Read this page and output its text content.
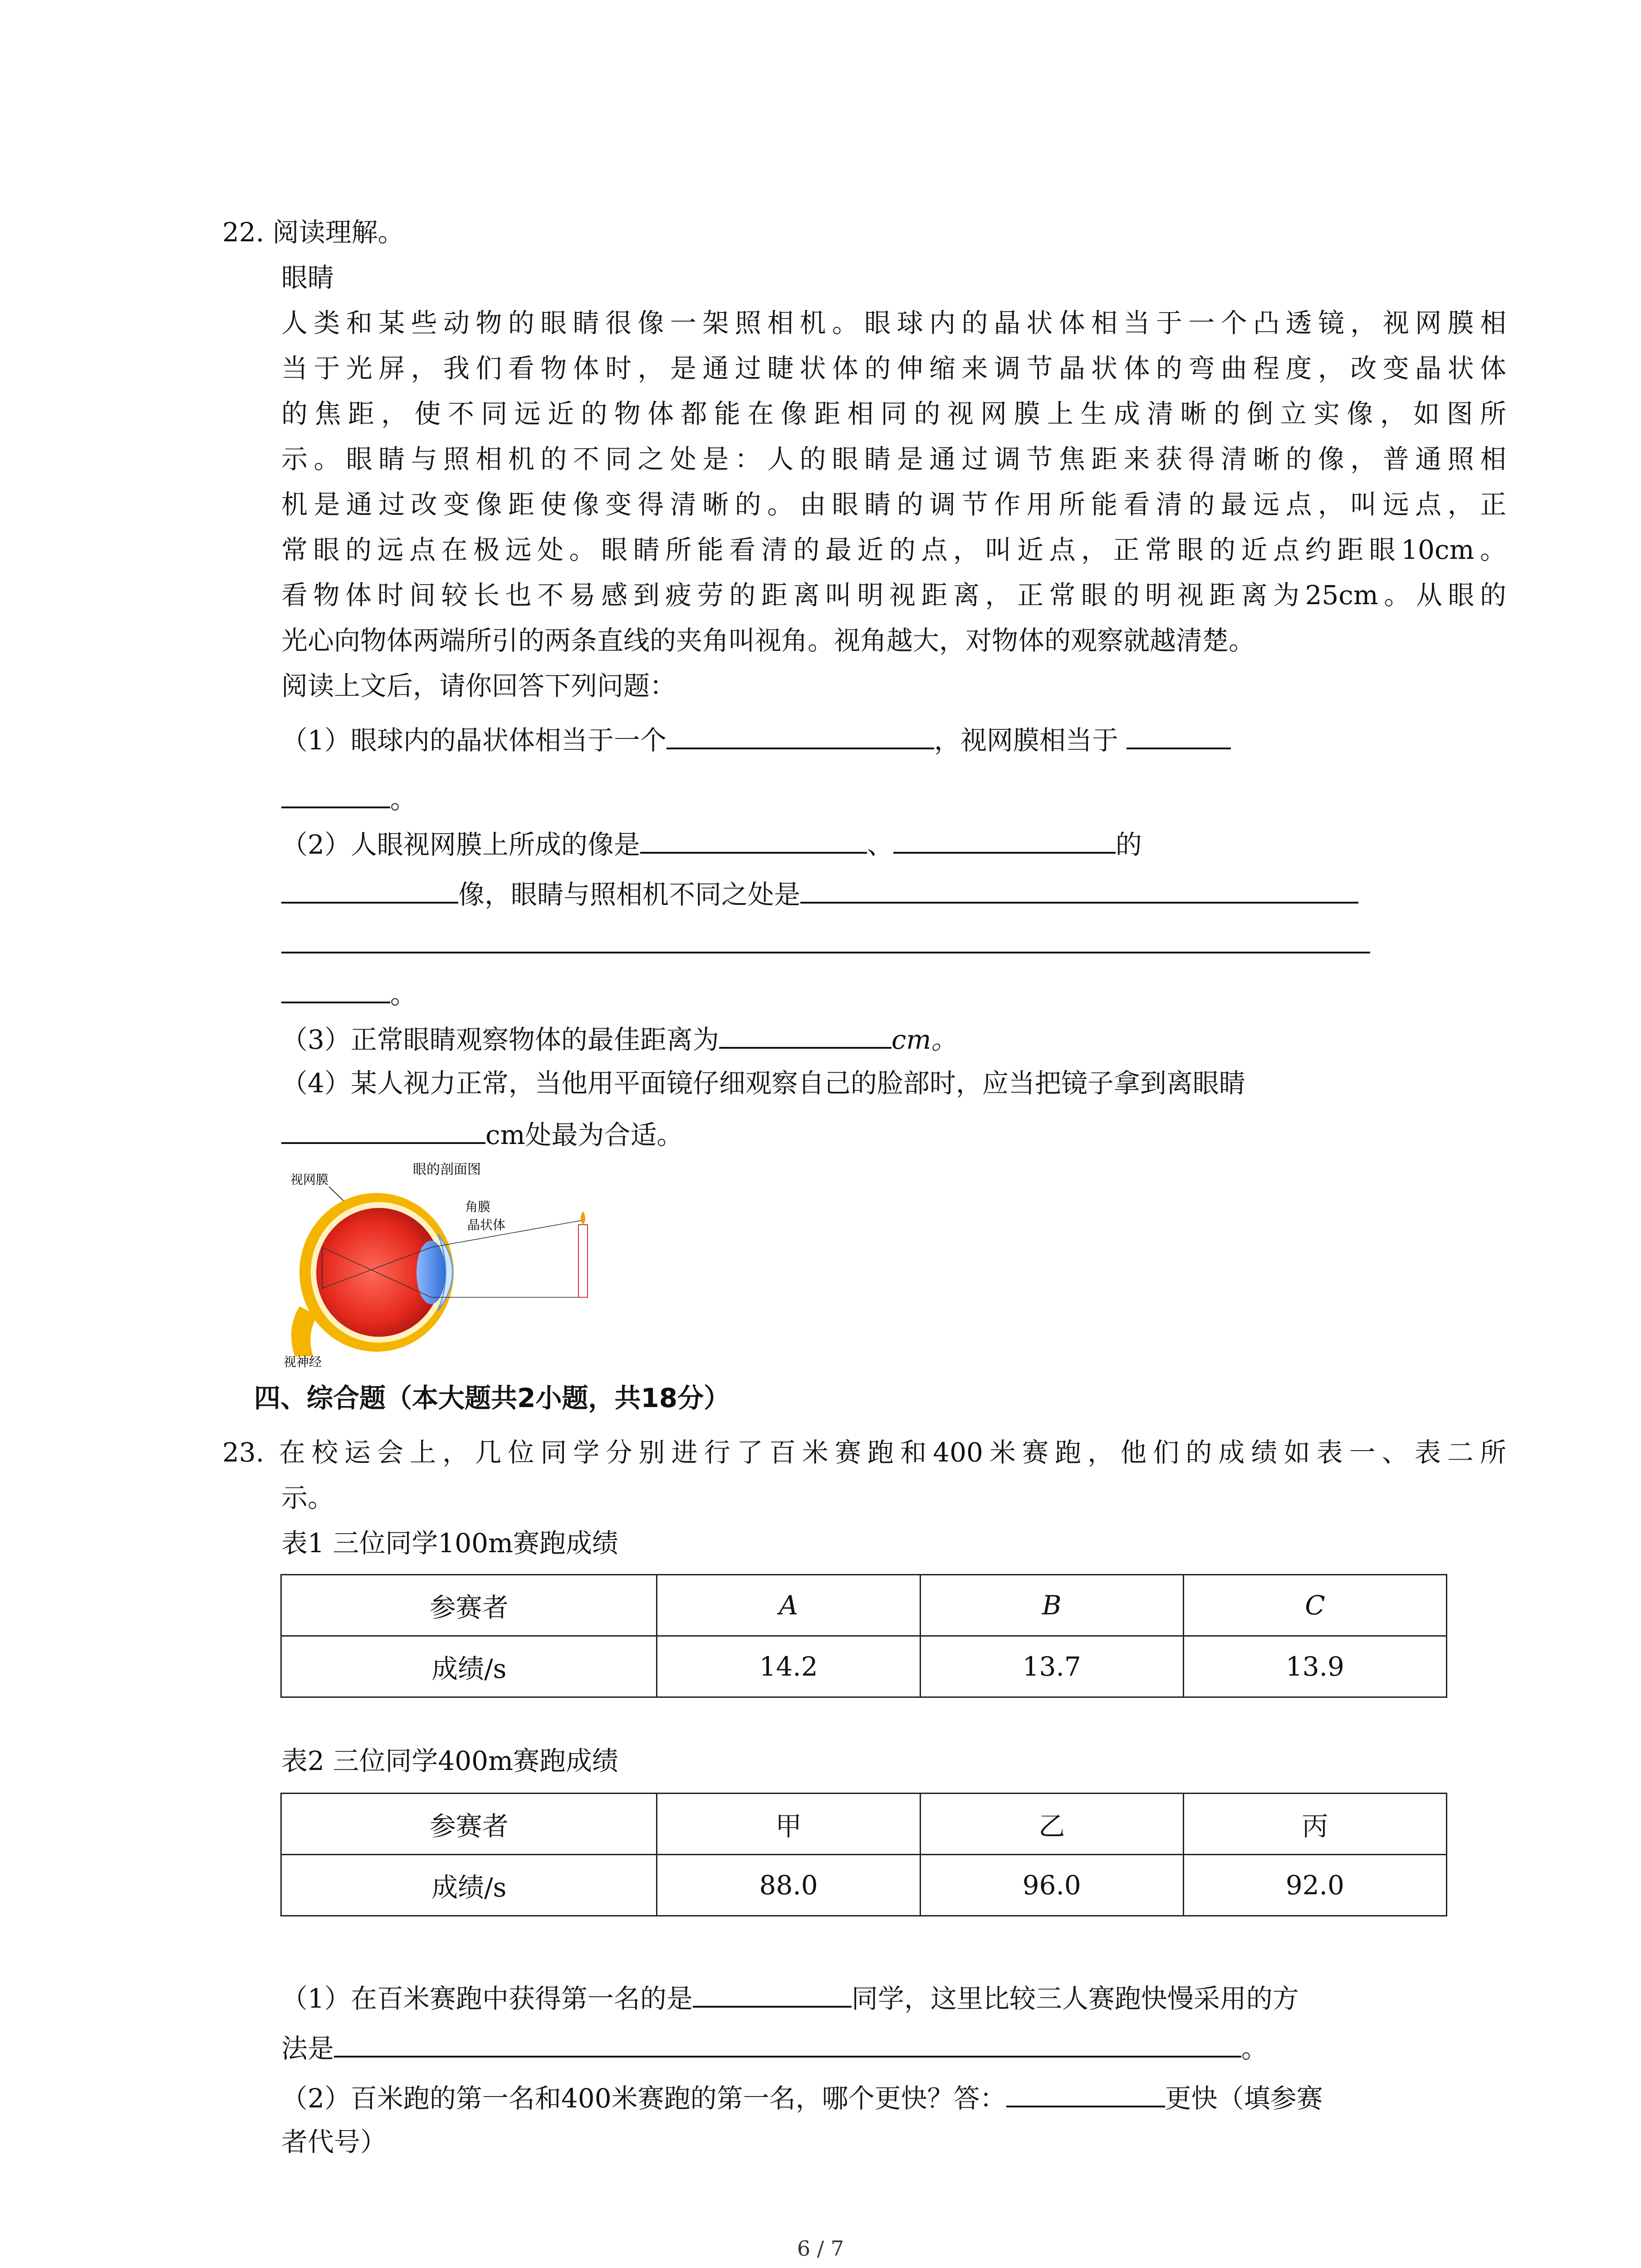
22. 阅读理解。
眼睛
人类和某些动物的眼睛很像一架照相机。眼球内的晶状体相当于一个凸透镜，视网膜相
当于光屏，我们看物体时，是通过睫状体的伸缩来调节晶状体的弯曲程度，改变晶状体
的焦距，使不同远近的物体都能在像距相同的视网膜上生成清晰的倒立实像，如图所
示。眼睛与照相机的不同之处是：人的眼睛是通过调节焦距来获得清晰的像，普通照相
机是通过改变像距使像变得清晰的。由眼睛的调节作用所能看清的最远点，叫远点，正
常眼的远点在极远处。眼睛所能看清的最近的点，叫近点，正常眼的近点约距眼10cm。
看物体时间较长也不易感到疲劳的距离叫明视距离，正常眼的明视距离为25cm。从眼的
光心向物体两端所引的两条直线的夹角叫视角。视角越大，对物体的观察就越清楚。
阅读上文后，请你回答下列问题：
（1）眼球内的晶状体相当于一个	，视网膜相当于
。
（2）人眼视网膜上所成的像是	、	的
像，眼睛与照相机不同之处是
。
（3）正常眼睛观察物体的最佳距离为	cm。
（4）某人视力正常，当他用平面镜仔细观察自己的脸部时，应当把镜子拿到离眼睛
cm处最为合适。
眼的剖面图
视网膜
角膜
晶状体
视神经
四、综合题（本大题共2小题，共18分）
23. 在校运会上，几位同学分别进行了百米赛跑和400米赛跑，他们的成绩如表一、表二所
示。
表1 三位同学100m赛跑成绩
参赛者	A	B	C
成绩/s	14.2	13.7	13.9
表2 三位同学400m赛跑成绩
参赛者	甲	乙	丙
成绩/s	88.0	96.0	92.0
（1）在百米赛跑中获得第一名的是	同学，这里比较三人赛跑快慢采用的方
法是	。
（2）百米跑的第一名和400米赛跑的第一名，哪个更快？答：	更快（填参赛
者代号）
6 / 7
